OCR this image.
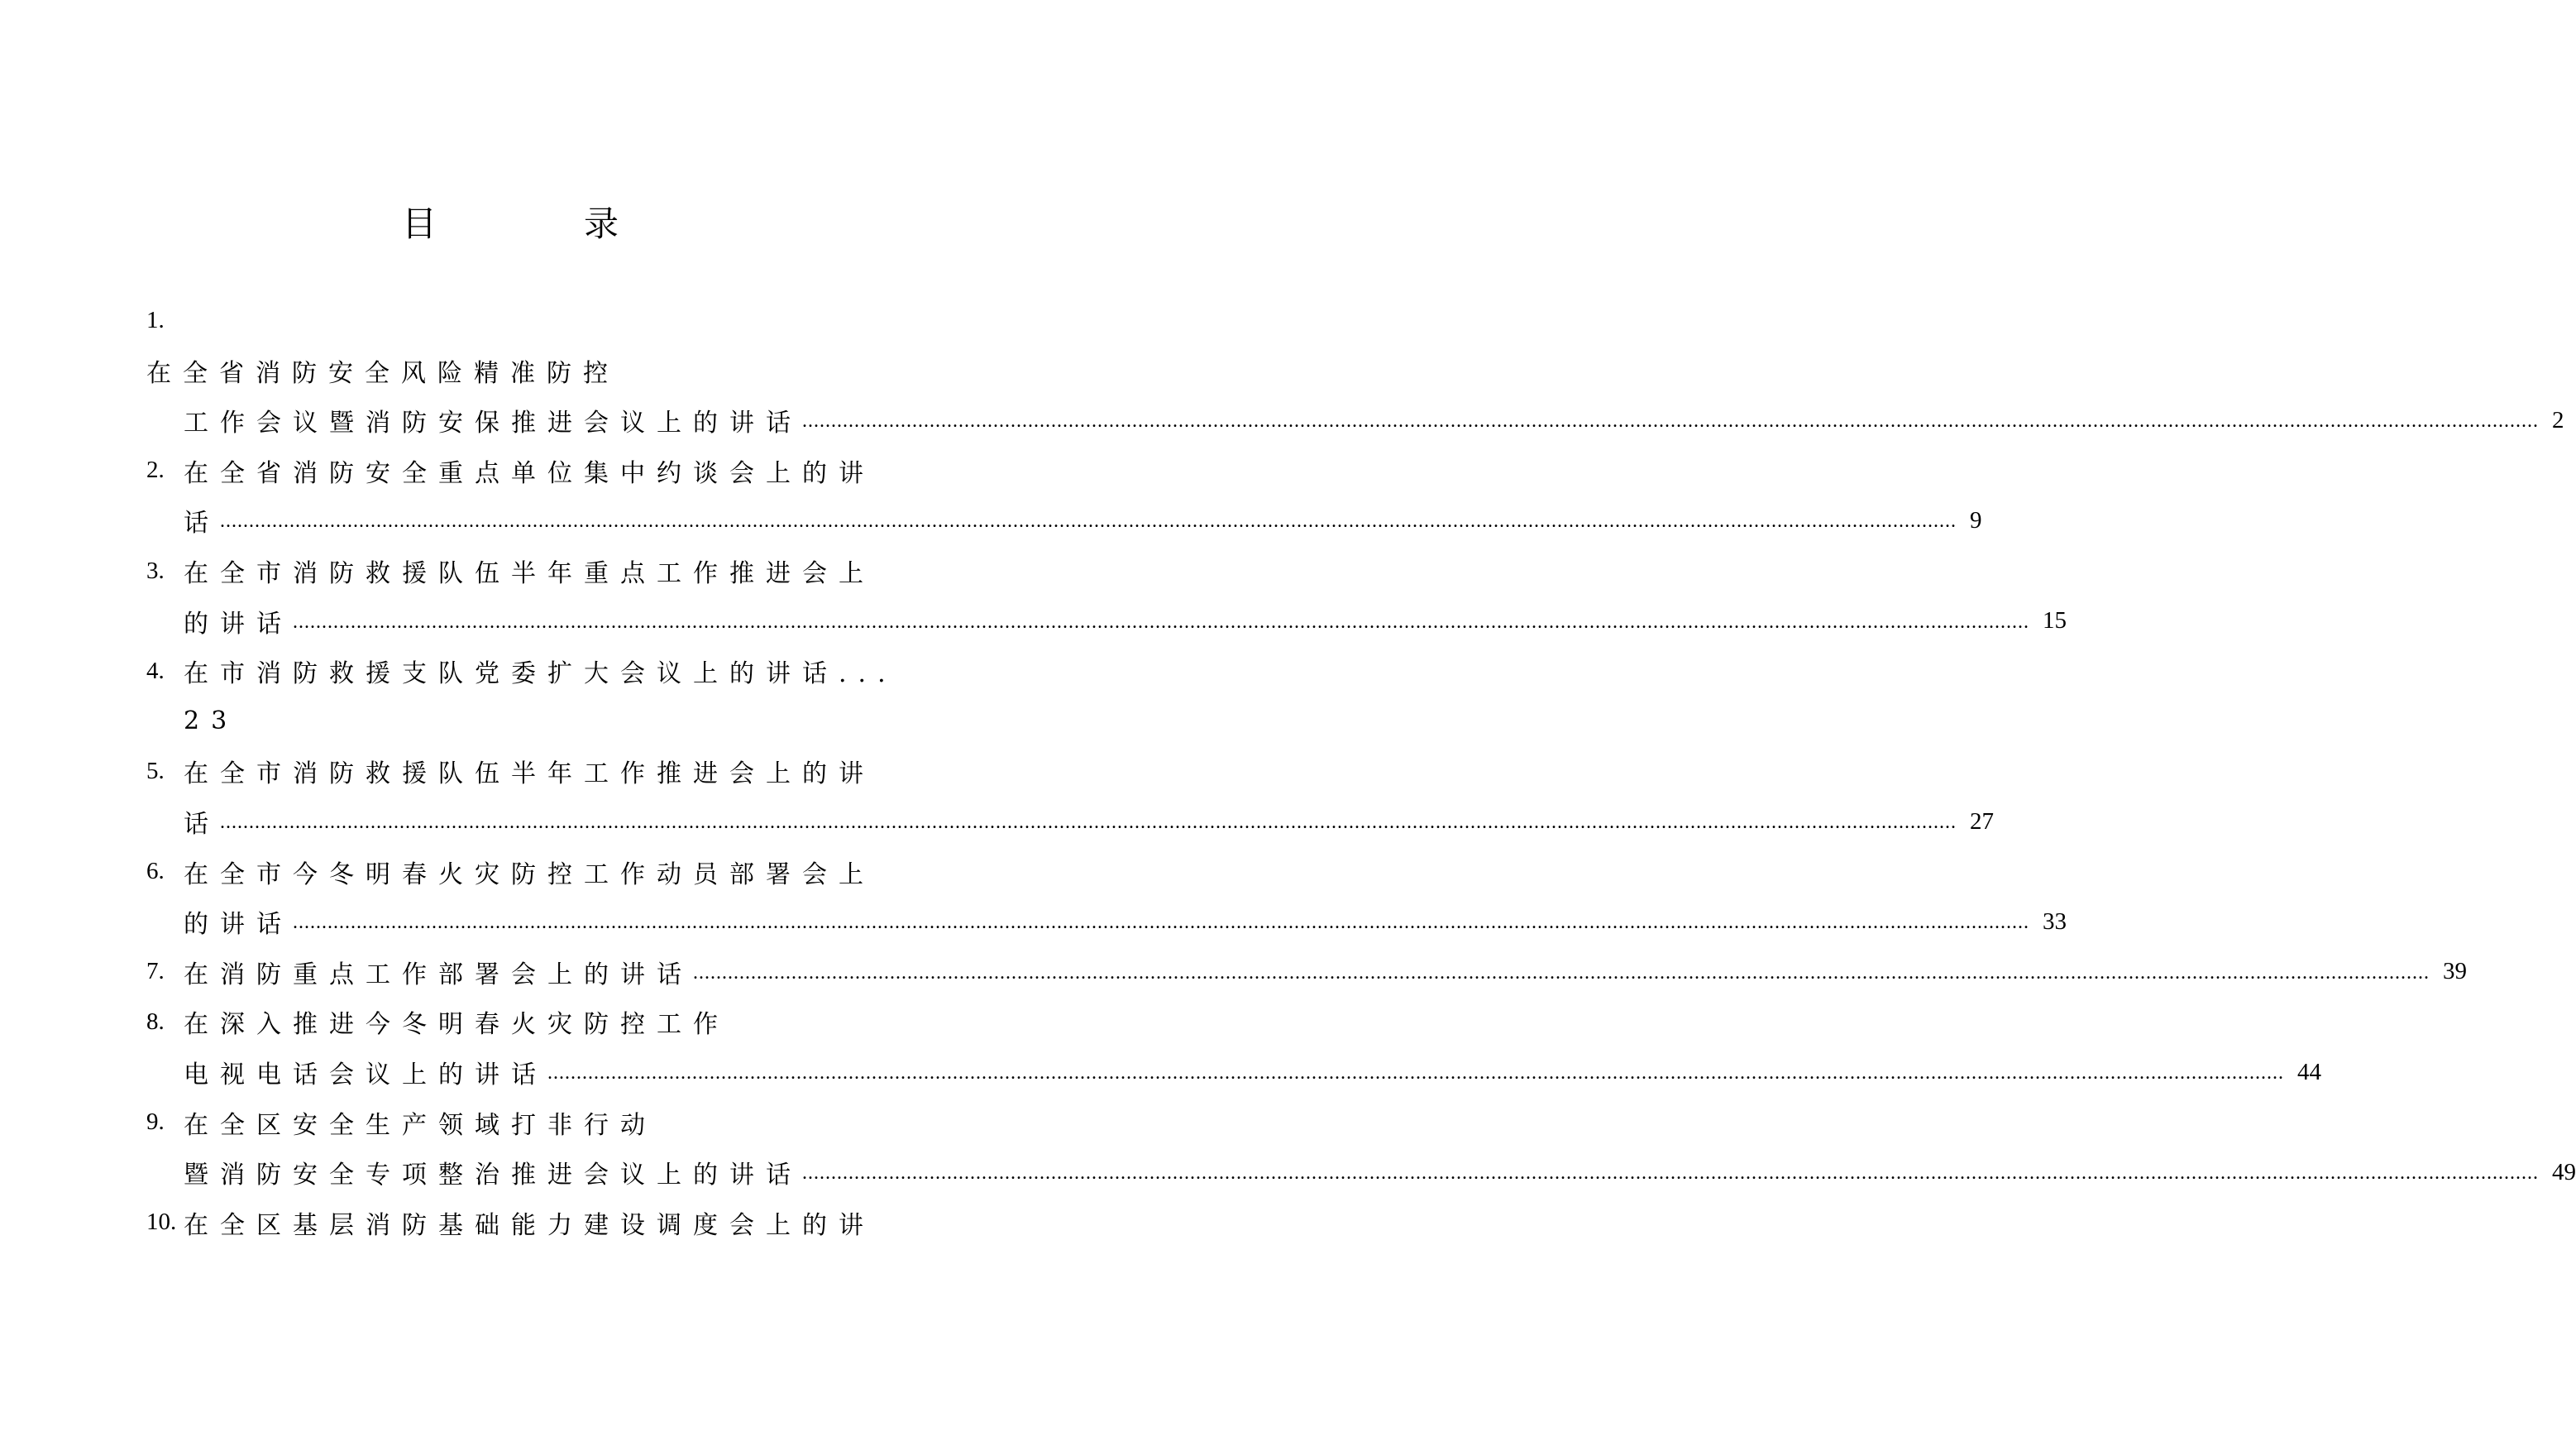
目　录
1.
在全省消防安全风险精准防控
工作会议暨消防安保推进会议上的讲话 ............................................................................................................................................................................................................................................................................................................ 2
2. 在全省消防安全重点单位集中约谈会上的讲
话 ............................................................................................................................................................................................................................................................................................................ 9
3. 在全市消防救援队伍半年重点工作推进会上
的讲话 ............................................................................................................................................................................................................................................................................................................ 15
4. 在市消防救援支队党委扩大会议上的讲话...
23
5. 在全市消防救援队伍半年工作推进会上的讲
话 ............................................................................................................................................................................................................................................................................................................ 27
6. 在全市今冬明春火灾防控工作动员部署会上
的讲话 ............................................................................................................................................................................................................................................................................................................ 33
7. 在消防重点工作部署会上的讲话 ............................................................................................................................................................................................................................................................................................................ 39
8. 在深入推进今冬明春火灾防控工作
电视电话会议上的讲话 ............................................................................................................................................................................................................................................................................................................ 44
9. 在全区安全生产领域打非行动
暨消防安全专项整治推进会议上的讲话 ............................................................................................................................................................................................................................................................................................................ 49
10. 在全区基层消防基础能力建设调度会上的讲
